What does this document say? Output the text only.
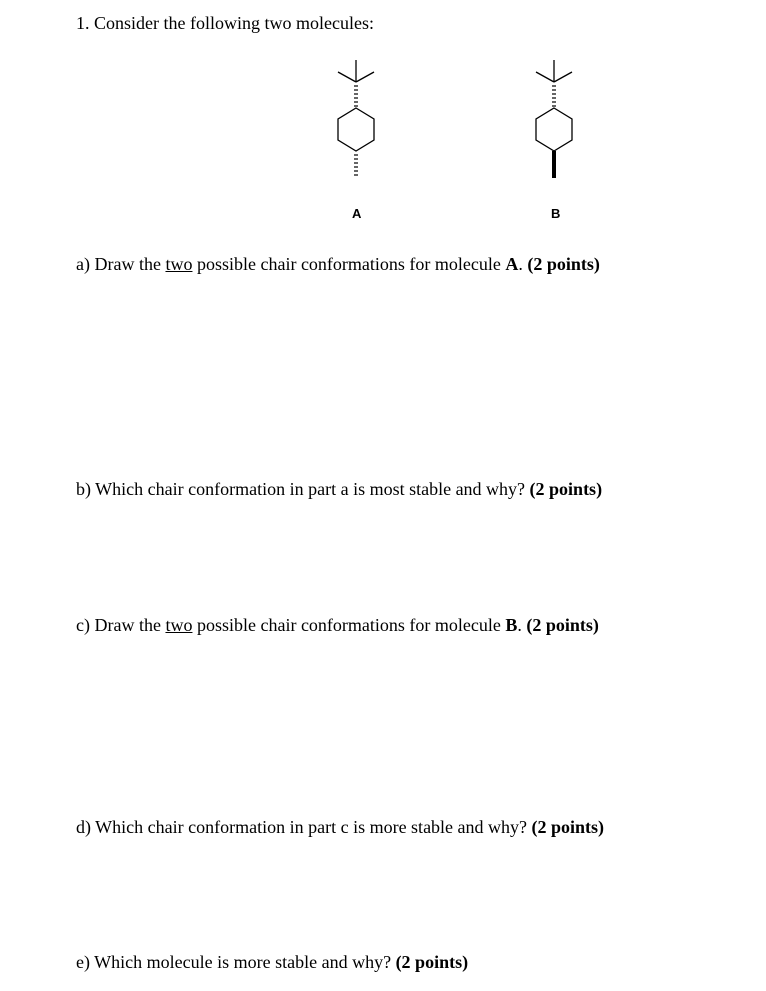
1. Consider the following two molecules:
A	B
a) Draw the two possible chair conformations for molecule A. (2 points)
b) Which chair conformation in part a is most stable and why? (2 points)
c) Draw the two possible chair conformations for molecule B. (2 points)
d) Which chair conformation in part c is more stable and why? (2 points)
e) Which molecule is more stable and why? (2 points)
